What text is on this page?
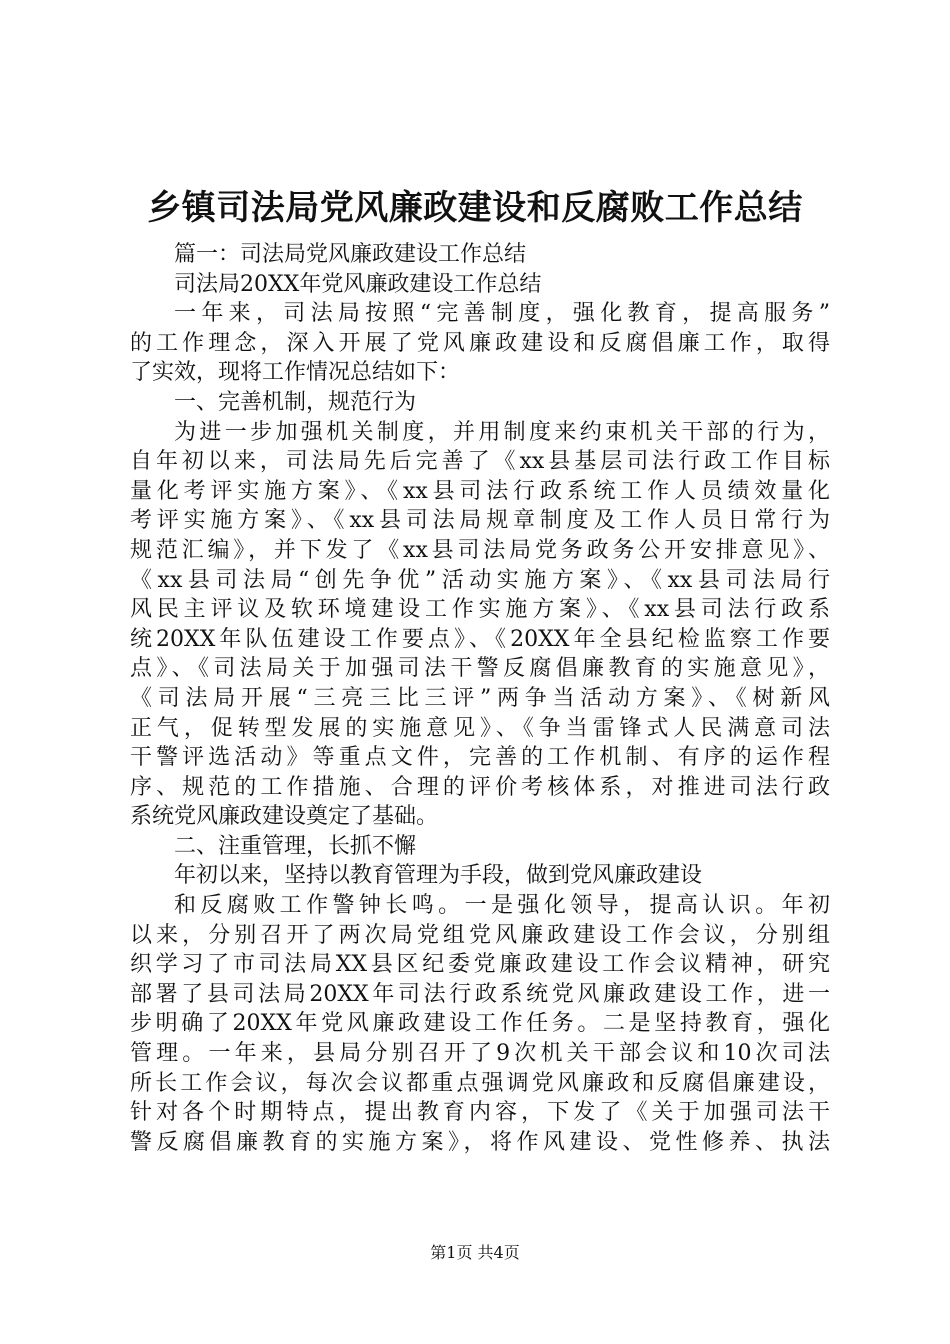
乡镇司法局党风廉政建设和反腐败工作总结
篇一：司法局党风廉政建设工作总结
司法局20XX年党风廉政建设工作总结
一年来，司法局按照“完善制度，强化教育，提高服务”
的工作理念，深入开展了党风廉政建设和反腐倡廉工作，取得
了实效，现将工作情况总结如下：
一、完善机制，规范行为
为进一步加强机关制度，并用制度来约束机关干部的行为，
自年初以来，司法局先后完善了《xx县基层司法行政工作目标
量化考评实施方案》、《xx县司法行政系统工作人员绩效量化
考评实施方案》、《xx县司法局规章制度及工作人员日常行为
规范汇编》，并下发了《xx县司法局党务政务公开安排意见》、
《xx县司法局“创先争优”活动实施方案》、《xx县司法局行
风民主评议及软环境建设工作实施方案》、《xx县司法行政系
统20XX年队伍建设工作要点》、《20XX年全县纪检监察工作要
点》、《司法局关于加强司法干警反腐倡廉教育的实施意见》，
《司法局开展“三亮三比三评”两争当活动方案》、《树新风
正气，促转型发展的实施意见》、《争当雷锋式人民满意司法
干警评选活动》等重点文件，完善的工作机制、有序的运作程
序、规范的工作措施、合理的评价考核体系，对推进司法行政
系统党风廉政建设奠定了基础。
二、注重管理，长抓不懈
年初以来，坚持以教育管理为手段，做到党风廉政建设
和反腐败工作警钟长鸣。一是强化领导，提高认识。年初
以来，分别召开了两次局党组党风廉政建设工作会议，分别组
织学习了市司法局XX县区纪委党廉政建设工作会议精神，研究
部署了县司法局20XX年司法行政系统党风廉政建设工作，进一
步明确了20XX年党风廉政建设工作任务。二是坚持教育，强化
管理。一年来，县局分别召开了9次机关干部会议和10次司法
所长工作会议，每次会议都重点强调党风廉政和反腐倡廉建设，
针对各个时期特点，提出教育内容，下发了《关于加强司法干
警反腐倡廉教育的实施方案》，将作风建设、党性修养、执法
第1页 共4页
